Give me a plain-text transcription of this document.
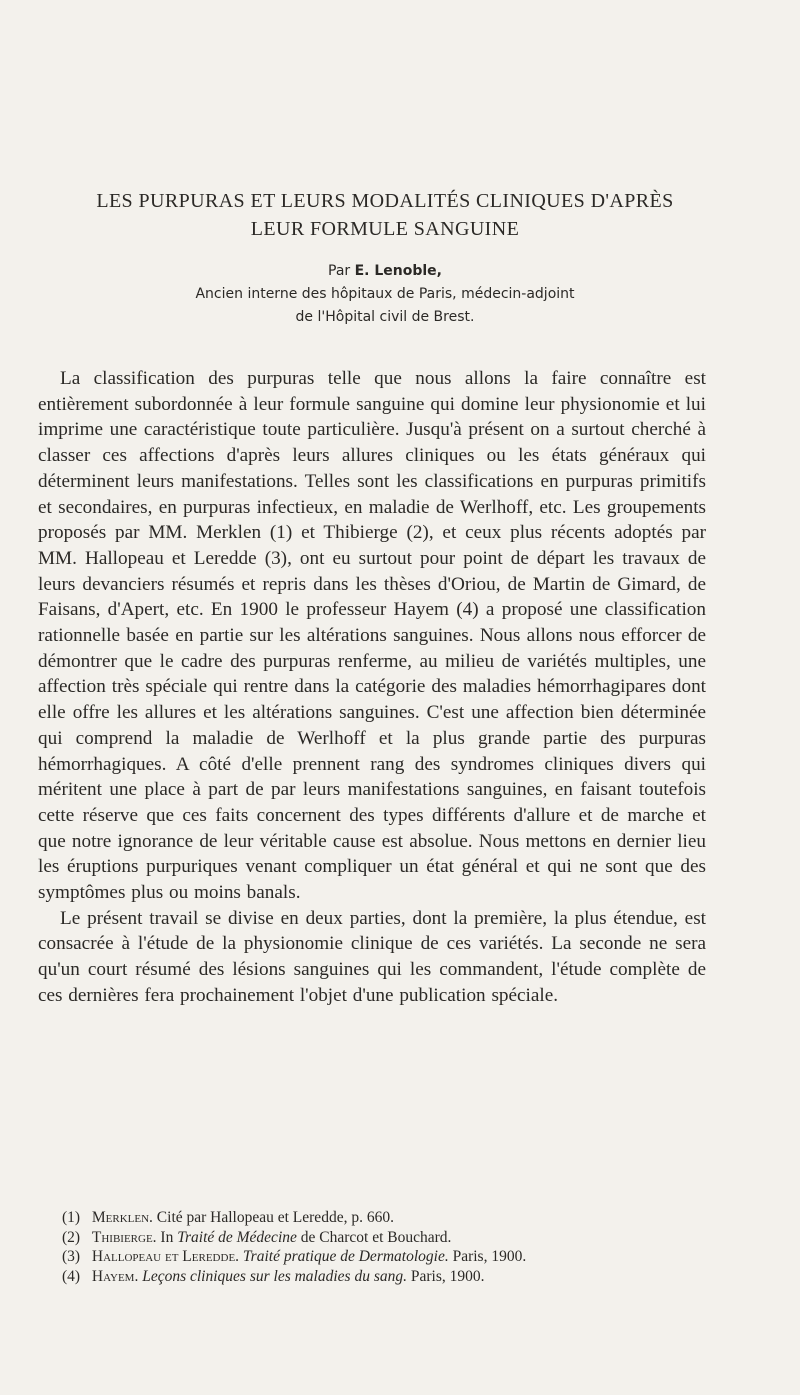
LES PURPURAS ET LEURS MODALITÉS CLINIQUES D'APRÈS
LEUR FORMULE SANGUINE
Par E. Lenoble,
Ancien interne des hôpitaux de Paris, médecin-adjoint
de l'Hôpital civil de Brest.

La classification des purpuras telle que nous allons la faire connaître est entièrement subordonnée à leur formule sanguine qui domine leur physionomie et lui imprime une caractéristique toute particulière. Jusqu'à présent on a surtout cherché à classer ces affections d'après leurs allures cliniques ou les états généraux qui déterminent leurs manifestations. Telles sont les classifications en purpuras primitifs et secondaires, en purpuras infectieux, en maladie de Werlhoff, etc. Les groupements proposés par MM. Merklen (1) et Thibierge (2), et ceux plus récents adoptés par MM. Hallopeau et Leredde (3), ont eu surtout pour point de départ les travaux de leurs devanciers résumés et repris dans les thèses d'Oriou, de Martin de Gimard, de Faisans, d'Apert, etc. En 1900 le professeur Hayem (4) a proposé une classification rationnelle basée en partie sur les altérations sanguines. Nous allons nous efforcer de démontrer que le cadre des purpuras renferme, au milieu de variétés multiples, une affection très spéciale qui rentre dans la catégorie des maladies hémorrhagipares dont elle offre les allures et les altérations sanguines. C'est une affection bien déterminée qui comprend la maladie de Werlhoff et la plus grande partie des purpuras hémorrhagiques. A côté d'elle prennent rang des syndromes cliniques divers qui méritent une place à part de par leurs manifestations sanguines, en faisant toutefois cette réserve que ces faits concernent des types différents d'allure et de marche et que notre ignorance de leur véritable cause est absolue. Nous mettons en dernier lieu les éruptions purpuriques venant compliquer un état général et qui ne sont que des symptômes plus ou moins banals.

Le présent travail se divise en deux parties, dont la première, la plus étendue, est consacrée à l'étude de la physionomie clinique de ces variétés. La seconde ne sera qu'un court résumé des lésions sanguines qui les commandent, l'étude complète de ces dernières fera prochainement l'objet d'une publication spéciale.

(1) Merklen. Cité par Hallopeau et Leredde, p. 660.
(2) Thibierge. In Traité de Médecine de Charcot et Bouchard.
(3) Hallopeau et Leredde. Traité pratique de Dermatologie. Paris, 1900.
(4) Hayem. Leçons cliniques sur les maladies du sang. Paris, 1900.
